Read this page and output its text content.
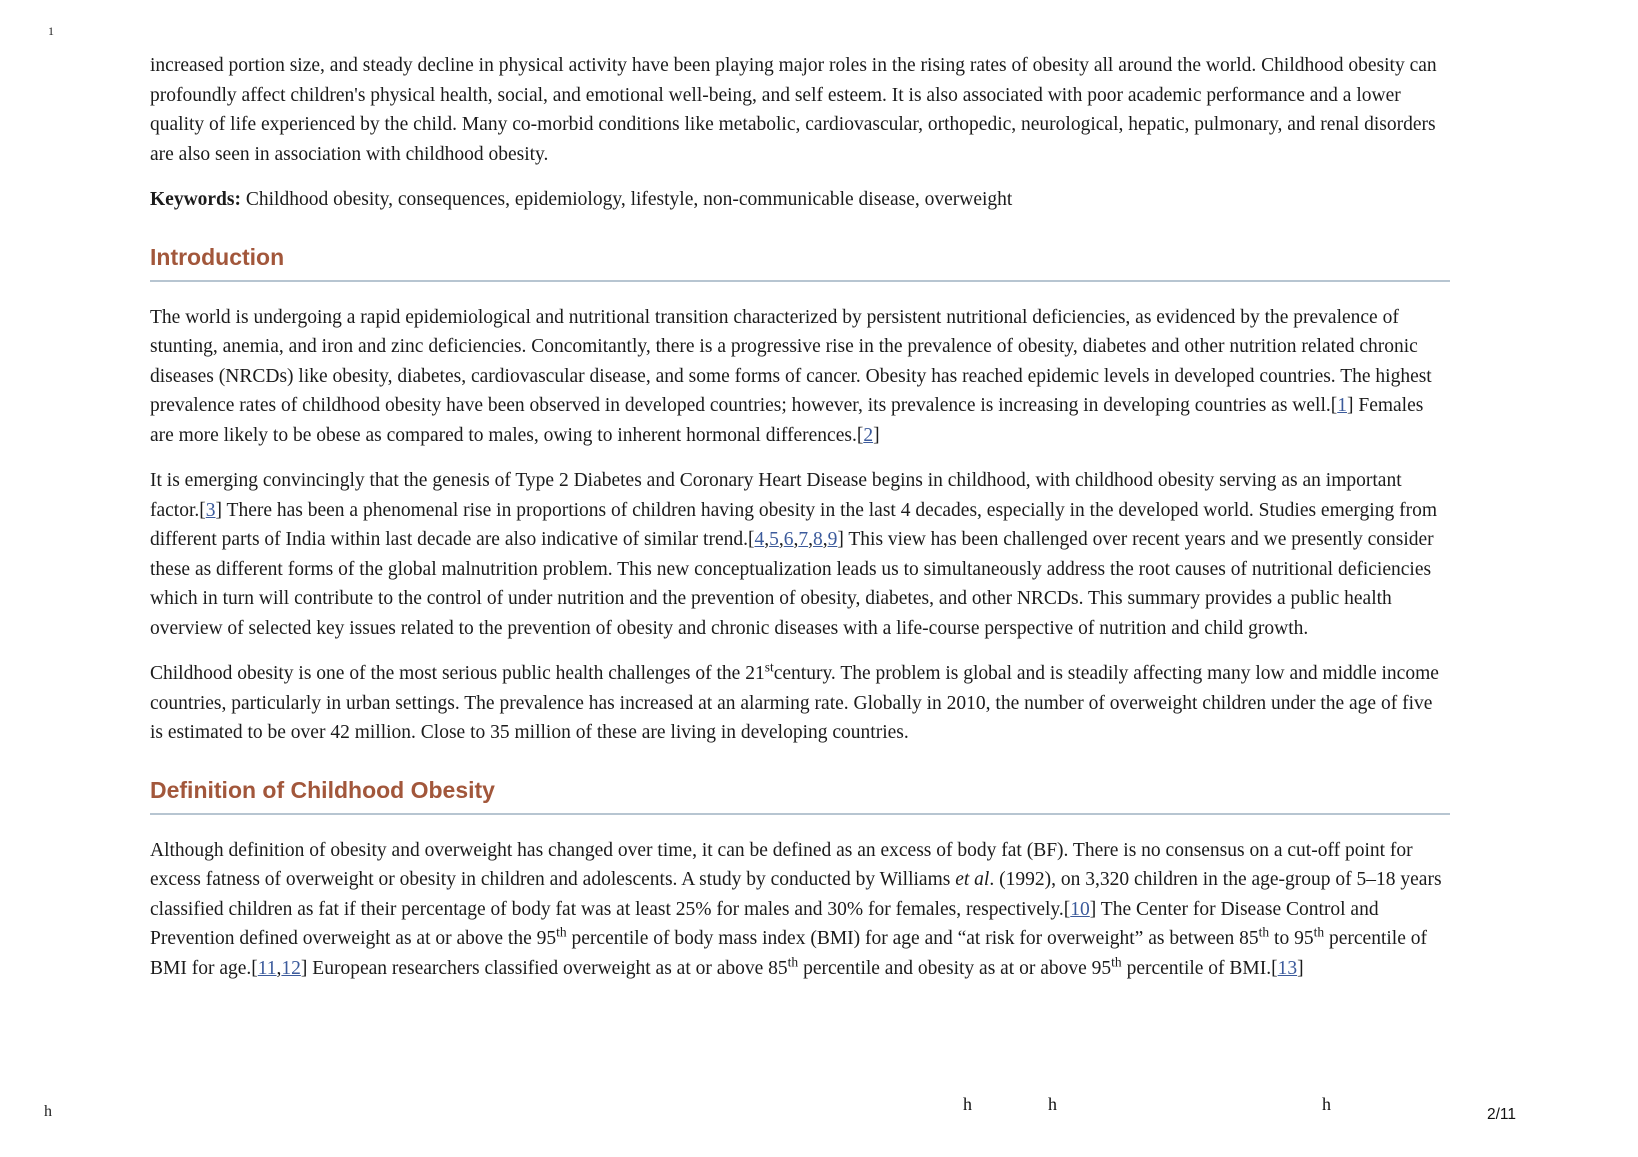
1

increased portion size, and steady decline in physical activity have been playing major roles in the rising rates of obesity all around the world. Childhood obesity can profoundly affect children's physical health, social, and emotional well-being, and self esteem. It is also associated with poor academic performance and a lower quality of life experienced by the child. Many co-morbid conditions like metabolic, cardiovascular, orthopedic, neurological, hepatic, pulmonary, and renal disorders are also seen in association with childhood obesity.

Keywords: Childhood obesity, consequences, epidemiology, lifestyle, non-communicable disease, overweight

Introduction

The world is undergoing a rapid epidemiological and nutritional transition characterized by persistent nutritional deficiencies, as evidenced by the prevalence of stunting, anemia, and iron and zinc deficiencies. Concomitantly, there is a progressive rise in the prevalence of obesity, diabetes and other nutrition related chronic diseases (NRCDs) like obesity, diabetes, cardiovascular disease, and some forms of cancer. Obesity has reached epidemic levels in developed countries. The highest prevalence rates of childhood obesity have been observed in developed countries; however, its prevalence is increasing in developing countries as well.[1] Females are more likely to be obese as compared to males, owing to inherent hormonal differences.[2]

It is emerging convincingly that the genesis of Type 2 Diabetes and Coronary Heart Disease begins in childhood, with childhood obesity serving as an important factor.[3] There has been a phenomenal rise in proportions of children having obesity in the last 4 decades, especially in the developed world. Studies emerging from different parts of India within last decade are also indicative of similar trend.[4,5,6,7,8,9] This view has been challenged over recent years and we presently consider these as different forms of the global malnutrition problem. This new conceptualization leads us to simultaneously address the root causes of nutritional deficiencies which in turn will contribute to the control of under nutrition and the prevention of obesity, diabetes, and other NRCDs. This summary provides a public health overview of selected key issues related to the prevention of obesity and chronic diseases with a life-course perspective of nutrition and child growth.

Childhood obesity is one of the most serious public health challenges of the 21stcentury. The problem is global and is steadily affecting many low and middle income countries, particularly in urban settings. The prevalence has increased at an alarming rate. Globally in 2010, the number of overweight children under the age of five is estimated to be over 42 million. Close to 35 million of these are living in developing countries.

Definition of Childhood Obesity

Although definition of obesity and overweight has changed over time, it can be defined as an excess of body fat (BF). There is no consensus on a cut-off point for excess fatness of overweight or obesity in children and adolescents. A study by conducted by Williams et al. (1992), on 3,320 children in the age-group of 5–18 years classified children as fat if their percentage of body fat was at least 25% for males and 30% for females, respectively.[10] The Center for Disease Control and Prevention defined overweight as at or above the 95th percentile of body mass index (BMI) for age and “at risk for overweight” as between 85th to 95th percentile of BMI for age.[11,12] European researchers classified overweight as at or above 85th percentile and obesity as at or above 95th percentile of BMI.[13]

h	h	h	h
2/11
